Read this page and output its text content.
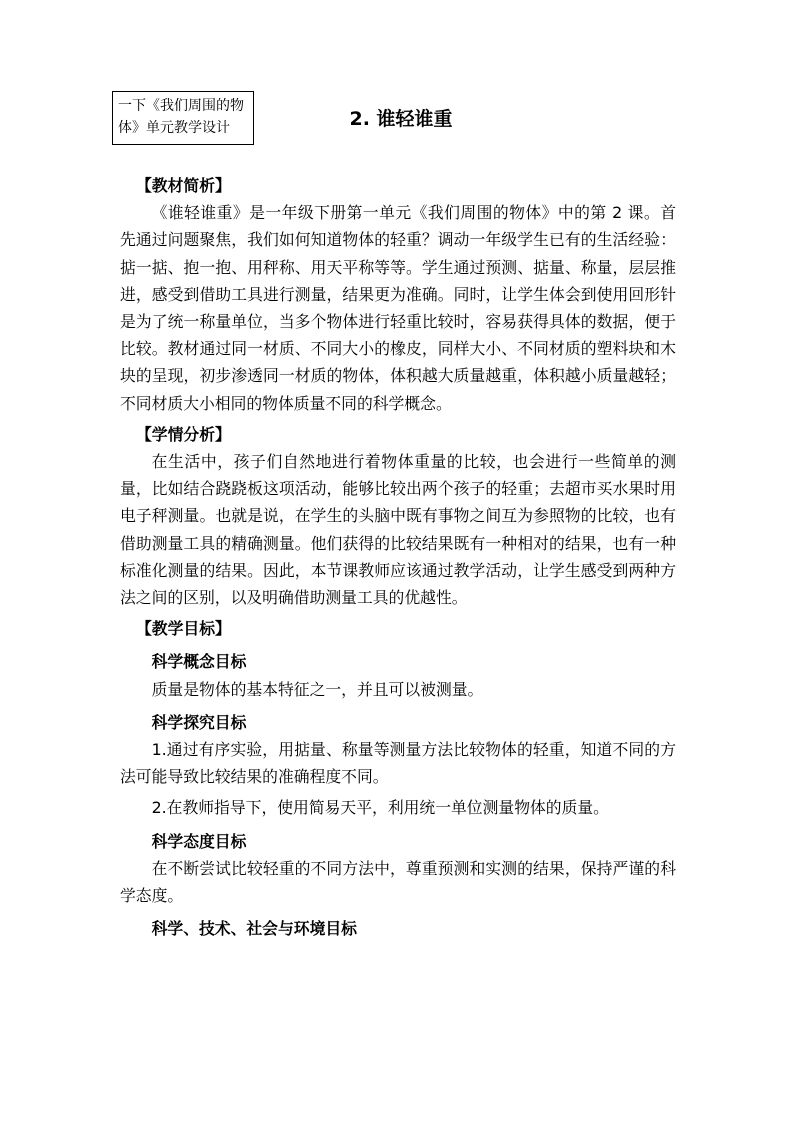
一下《我们周围的物
体》单元教学设计	2. 谁轻谁重

【教材简析】

《谁轻谁重》是一年级下册第一单元《我们周围的物体》中的第 2 课。首先通过问题聚焦，我们如何知道物体的轻重？调动一年级学生已有的生活经验：掂一掂、抱一抱、用秤称、用天平称等等。学生通过预测、掂量、称量，层层推进，感受到借助工具进行测量，结果更为准确。同时，让学生体会到使用回形针是为了统一称量单位，当多个物体进行轻重比较时，容易获得具体的数据，便于比较。教材通过同一材质、不同大小的橡皮，同样大小、不同材质的塑料块和木块的呈现，初步渗透同一材质的物体，体积越大质量越重，体积越小质量越轻；不同材质大小相同的物体质量不同的科学概念。

【学情分析】

在生活中，孩子们自然地进行着物体重量的比较，也会进行一些简单的测量，比如结合跷跷板这项活动，能够比较出两个孩子的轻重；去超市买水果时用电子秤测量。也就是说，在学生的头脑中既有事物之间互为参照物的比较，也有借助测量工具的精确测量。他们获得的比较结果既有一种相对的结果，也有一种标准化测量的结果。因此，本节课教师应该通过教学活动，让学生感受到两种方法之间的区别，以及明确借助测量工具的优越性。

【教学目标】

科学概念目标

质量是物体的基本特征之一，并且可以被测量。

科学探究目标

1.通过有序实验，用掂量、称量等测量方法比较物体的轻重，知道不同的方法可能导致比较结果的准确程度不同。

2.在教师指导下，使用简易天平，利用统一单位测量物体的质量。

科学态度目标

在不断尝试比较轻重的不同方法中，尊重预测和实测的结果，保持严谨的科学态度。

科学、技术、社会与环境目标
